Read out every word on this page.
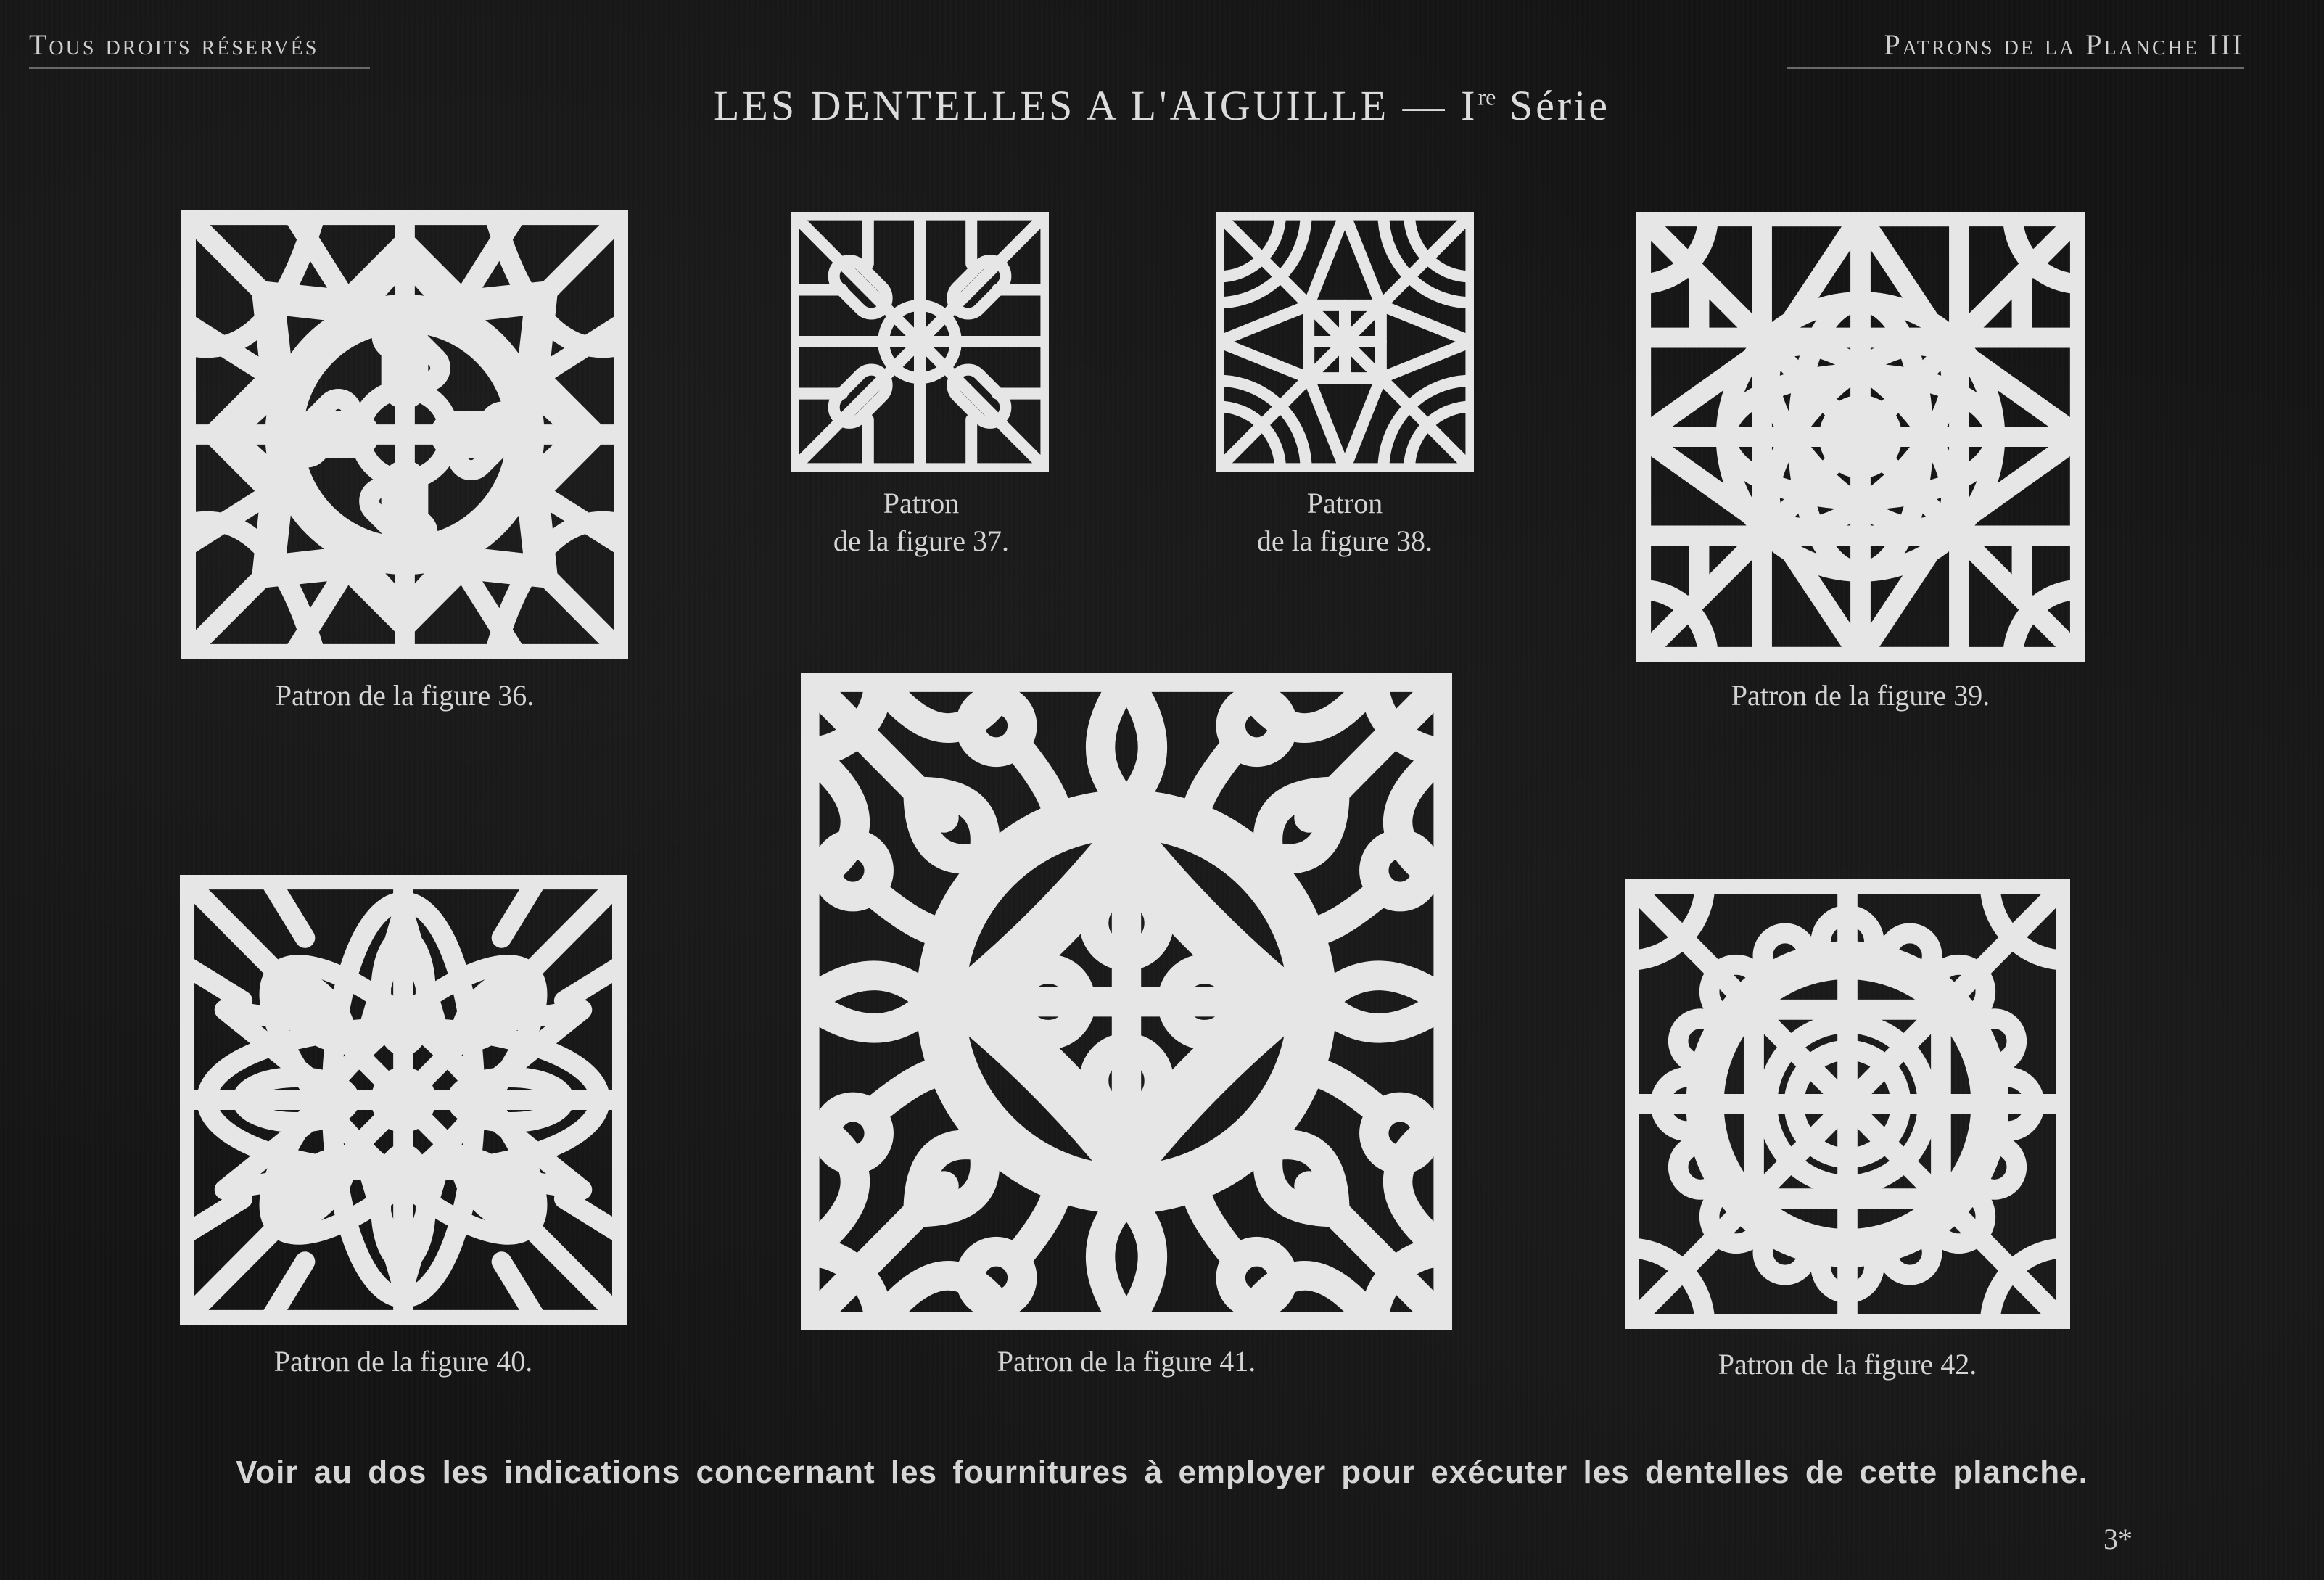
Tous droits réservés	Patrons de la Planche III
LES DENTELLES A L'AIGUILLE — Ire Série
Patron de la figure 36.
Patron
de la figure 37.
Patron
de la figure 38.
Patron de la figure 39.
Patron de la figure 40.	Patron de la figure 41.	Patron de la figure 42.
Voir au dos les indications concernant les fournitures à employer pour exécuter les dentelles de cette planche.
3*
